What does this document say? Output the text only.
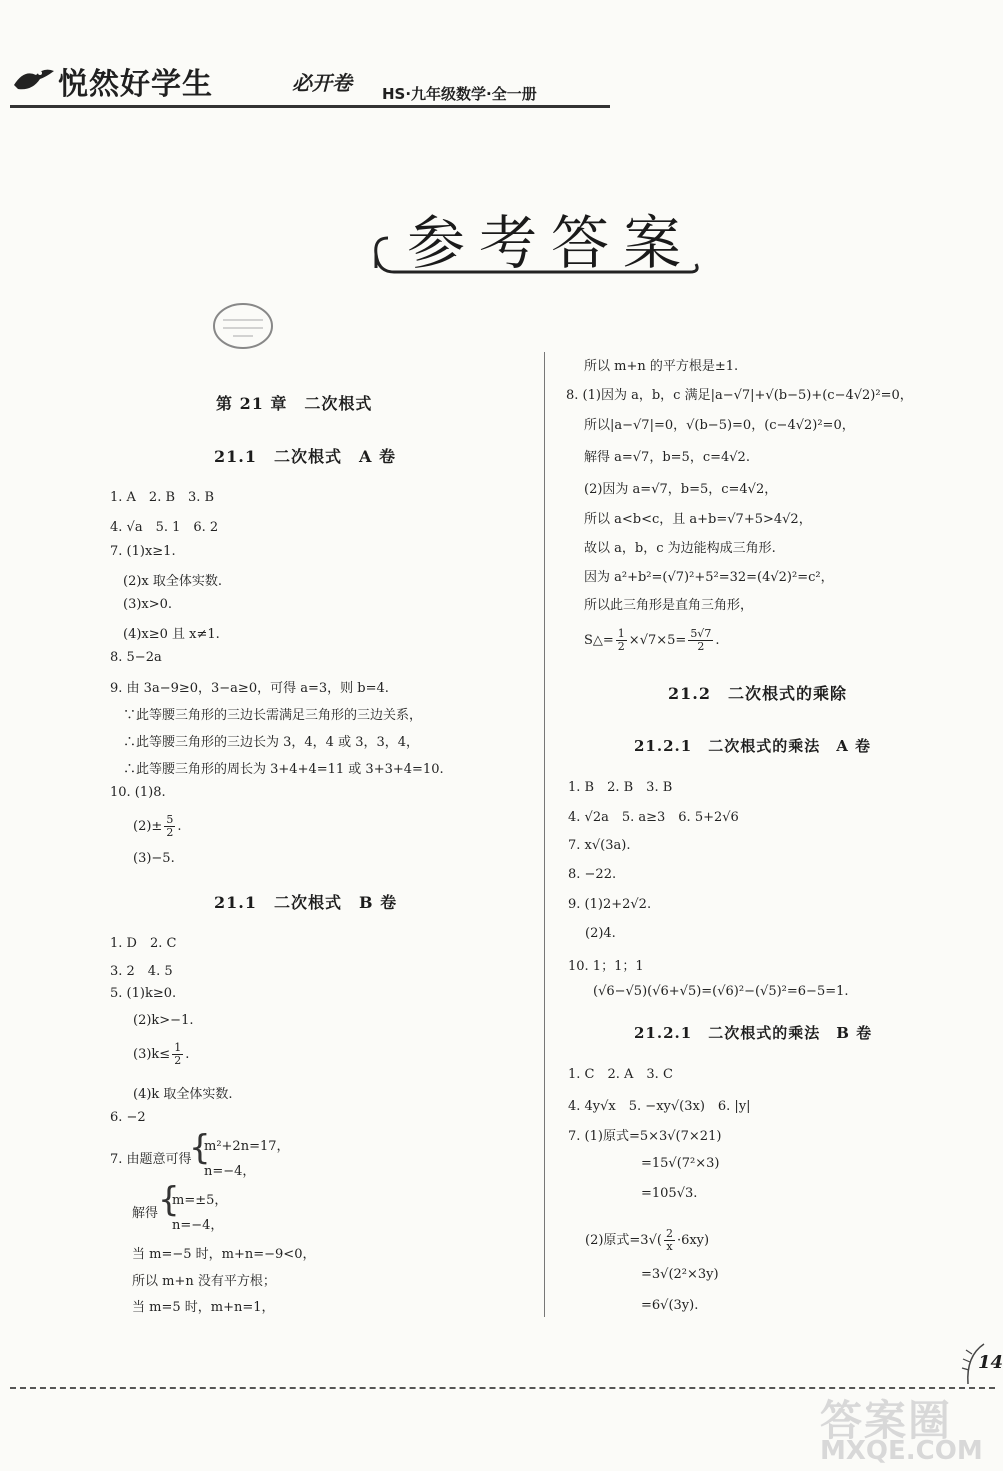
悦然好学生	必开卷 HS·九年级数学·全一册
参考答案
第 21 章　二次根式
21.1　二次根式　A 卷
1. A　2. B　3. B
4. √a　5. 1　6. 2
7. (1)x≥1.
(2)x 取全体实数.
(3)x>0.
(4)x≥0 且 x≠1.
8. 5−2a
9. 由 3a−9≥0，3−a≥0，可得 a=3，则 b=4.
∵此等腰三角形的三边长需满足三角形的三边关系，
∴此等腰三角形的三边长为 3，4，4 或 3，3，4，
∴此等腰三角形的周长为 3+4+4=11 或 3+3+4=10.
10. (1)8.
$(2)\pm \frac{5}{2}$ .
(3)−5.
21.1　二次根式　B 卷
1. D　2. C
3. 2　4. 5
5. (1)k≥0.
(2)k>−1.
$(3)k\le \frac{1}{2}$ .
(4)k 取全体实数.
6. −2
7. 由题意可得
{
m²+2n=17，
n=−4，
解得 {
m=±5，
n=−4，
当 m=−5 时，m+n=−9<0，
所以 m+n 没有平方根；
当 m=5 时，m+n=1，
所以 m+n 的平方根是±1.
8. (1)因为 a，b，c 满足|a−√7|+√(b−5)+(c−4√2)²=0，
所以|a−√7|=0，√(b−5)=0，(c−4√2)²=0，
解得 a=√7，b=5，c=4√2.
(2)因为 a=√7，b=5，c=4√2，
所以 a<b<c，且 a+b=√7+5>4√2，
故以 a，b，c 为边能构成三角形.
因为 a²+b²=(√7)²+5²=32=(4√2)²=c²，
所以此三角形是直角三角形，
S△= $\frac{1}{2} \times√7\times 5= \frac{5√7}{2}$ .
21.2　二次根式的乘除
21.2.1　二次根式的乘法　A 卷
1. B　2. B　3. B
4. √2a　5. a≥3　6. 5+2√6
7. x√(3a).
8. −22.
9. (1)2+2√2.
(2)4.
10. 1；1；1
(√6−√5)(√6+√5)=(√6)²−(√5)²=6−5=1.
21.2.1　二次根式的乘法　B 卷
1. C　2. A　3. C
4. 4y√x　5. −xy√(3x)　6. |y|
7. (1)原式=5×3√(7×21)
=15√(7²×3)
=105√3.
(2)原式$=3√( \frac{2}{x} \cdot 6xy)$
=3√(2²×3y)
=6√(3y).
14
答案圈
MXQE.COM
